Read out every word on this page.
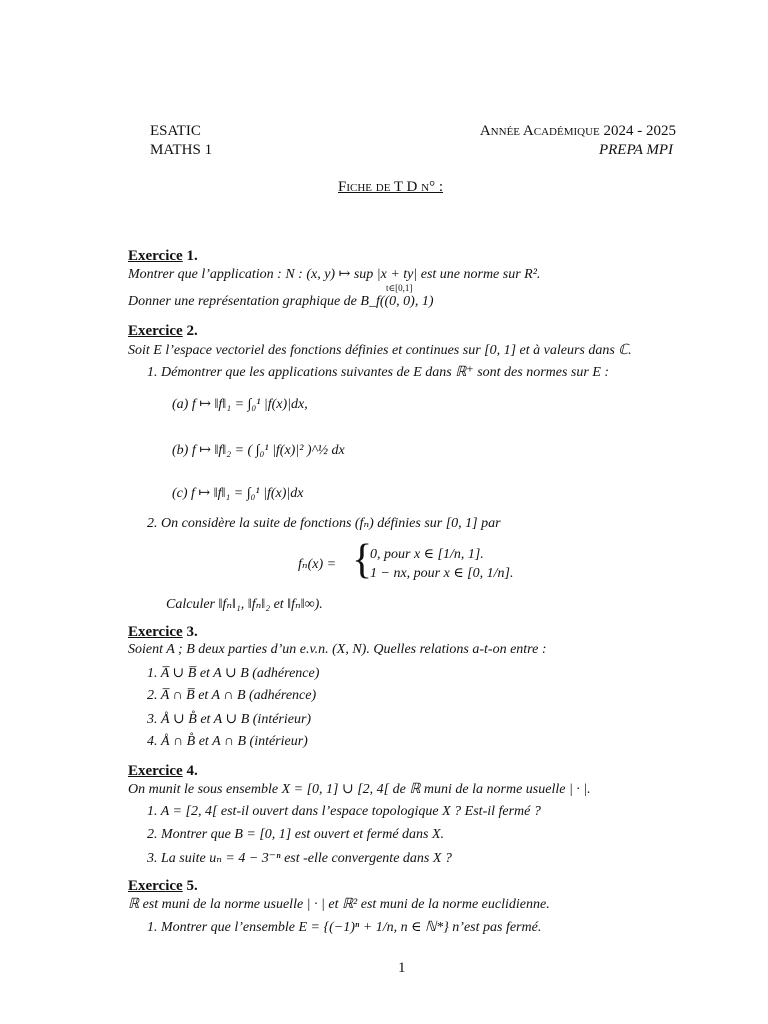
ESATIC
MATHS 1
Année Académique 2024 - 2025
PREPA MPI
Fiche de T D n° :
Exercice 1.
Montrer que l’application : N : (x, y) ↦ sup |x + ty| est une norme sur R².
t∈[0,1]
Donner une représentation graphique de B_f((0, 0), 1)
Exercice 2.
Soit E l’espace vectoriel des fonctions définies et continues sur [0, 1] et à valeurs dans ℂ.
1. Démontrer que les applications suivantes de E dans ℝ⁺ sont des normes sur E :
(a) f ↦ ‖f‖₁ = ∫₀¹ |f(x)|dx,
(b) f ↦ ‖f‖₂ = ( ∫₀¹ |f(x)|² )^½ dx
(c) f ↦ ‖f‖₁ = ∫₀¹ |f(x)|dx
2. On considère la suite de fonctions (fₙ) définies sur [0, 1] par
fₙ(x) = {
0, pour x ∈ [1/n, 1].
1 − nx, pour x ∈ [0, 1/n].
Calculer ‖fₙ‖₁, ‖fₙ‖₂ et ‖fₙ‖∞).
Exercice 3.
Soient A ; B deux parties d’un e.v.n. (X, N). Quelles relations a-t-on entre :
1. A̅ ∪ B̅ et A ∪ B (adhérence)
2. A̅ ∩ B̅ et A ∩ B (adhérence)
3. Å ∪ B̊ et A ∪ B (intérieur)
4. Å ∩ B̊ et A ∩ B (intérieur)
Exercice 4.
On munit le sous ensemble X = [0, 1] ∪ [2, 4[ de ℝ muni de la norme usuelle | · |.
1. A = [2, 4[ est-il ouvert dans l’espace topologique X ? Est-il fermé ?
2. Montrer que B = [0, 1] est ouvert et fermé dans X.
3. La suite uₙ = 4 − 3⁻ⁿ est -elle convergente dans X ?
Exercice 5.
ℝ est muni de la norme usuelle | · | et ℝ² est muni de la norme euclidienne.
1. Montrer que l’ensemble E = {(−1)ⁿ + 1/n, n ∈ ℕ*} n’est pas fermé.
1
